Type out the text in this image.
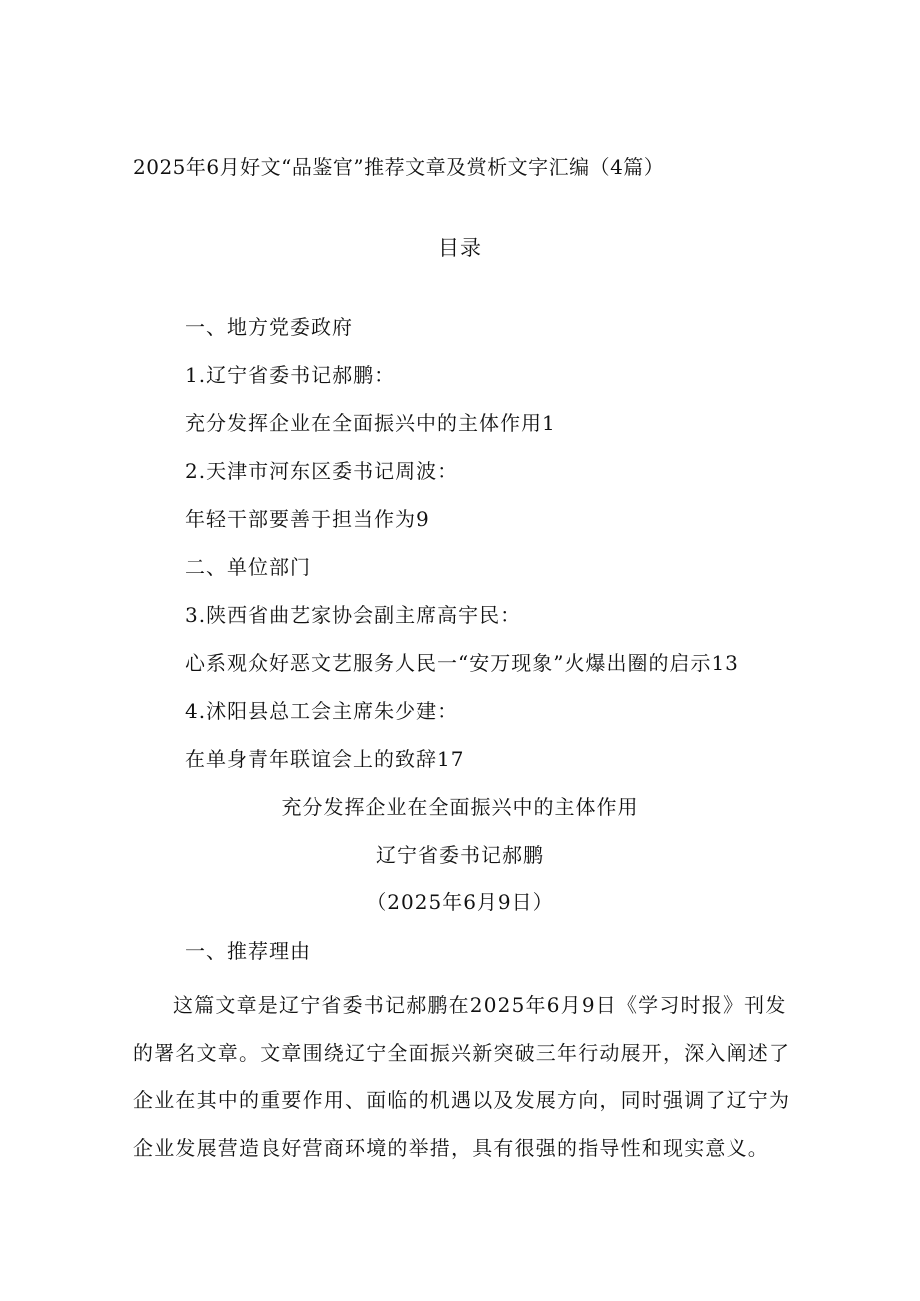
2025年6月好文“品鉴官”推荐文章及赏析文字汇编（4篇）
目录
一、地方党委政府
1.辽宁省委书记郝鹏：
充分发挥企业在全面振兴中的主体作用1
2.天津市河东区委书记周波：
年轻干部要善于担当作为9
二、单位部门
3.陕西省曲艺家协会副主席高宇民：
心系观众好恶文艺服务人民一“安万现象”火爆出圈的启示13
4.沭阳县总工会主席朱少建：
在单身青年联谊会上的致辞17
充分发挥企业在全面振兴中的主体作用
辽宁省委书记郝鹏
（2025年6月9日）
一、推荐理由
这篇文章是辽宁省委书记郝鹏在2025年6月9日《学习时报》刊发
的署名文章。文章围绕辽宁全面振兴新突破三年行动展开，深入阐述了
企业在其中的重要作用、面临的机遇以及发展方向，同时强调了辽宁为
企业发展营造良好营商环境的举措，具有很强的指导性和现实意义。
